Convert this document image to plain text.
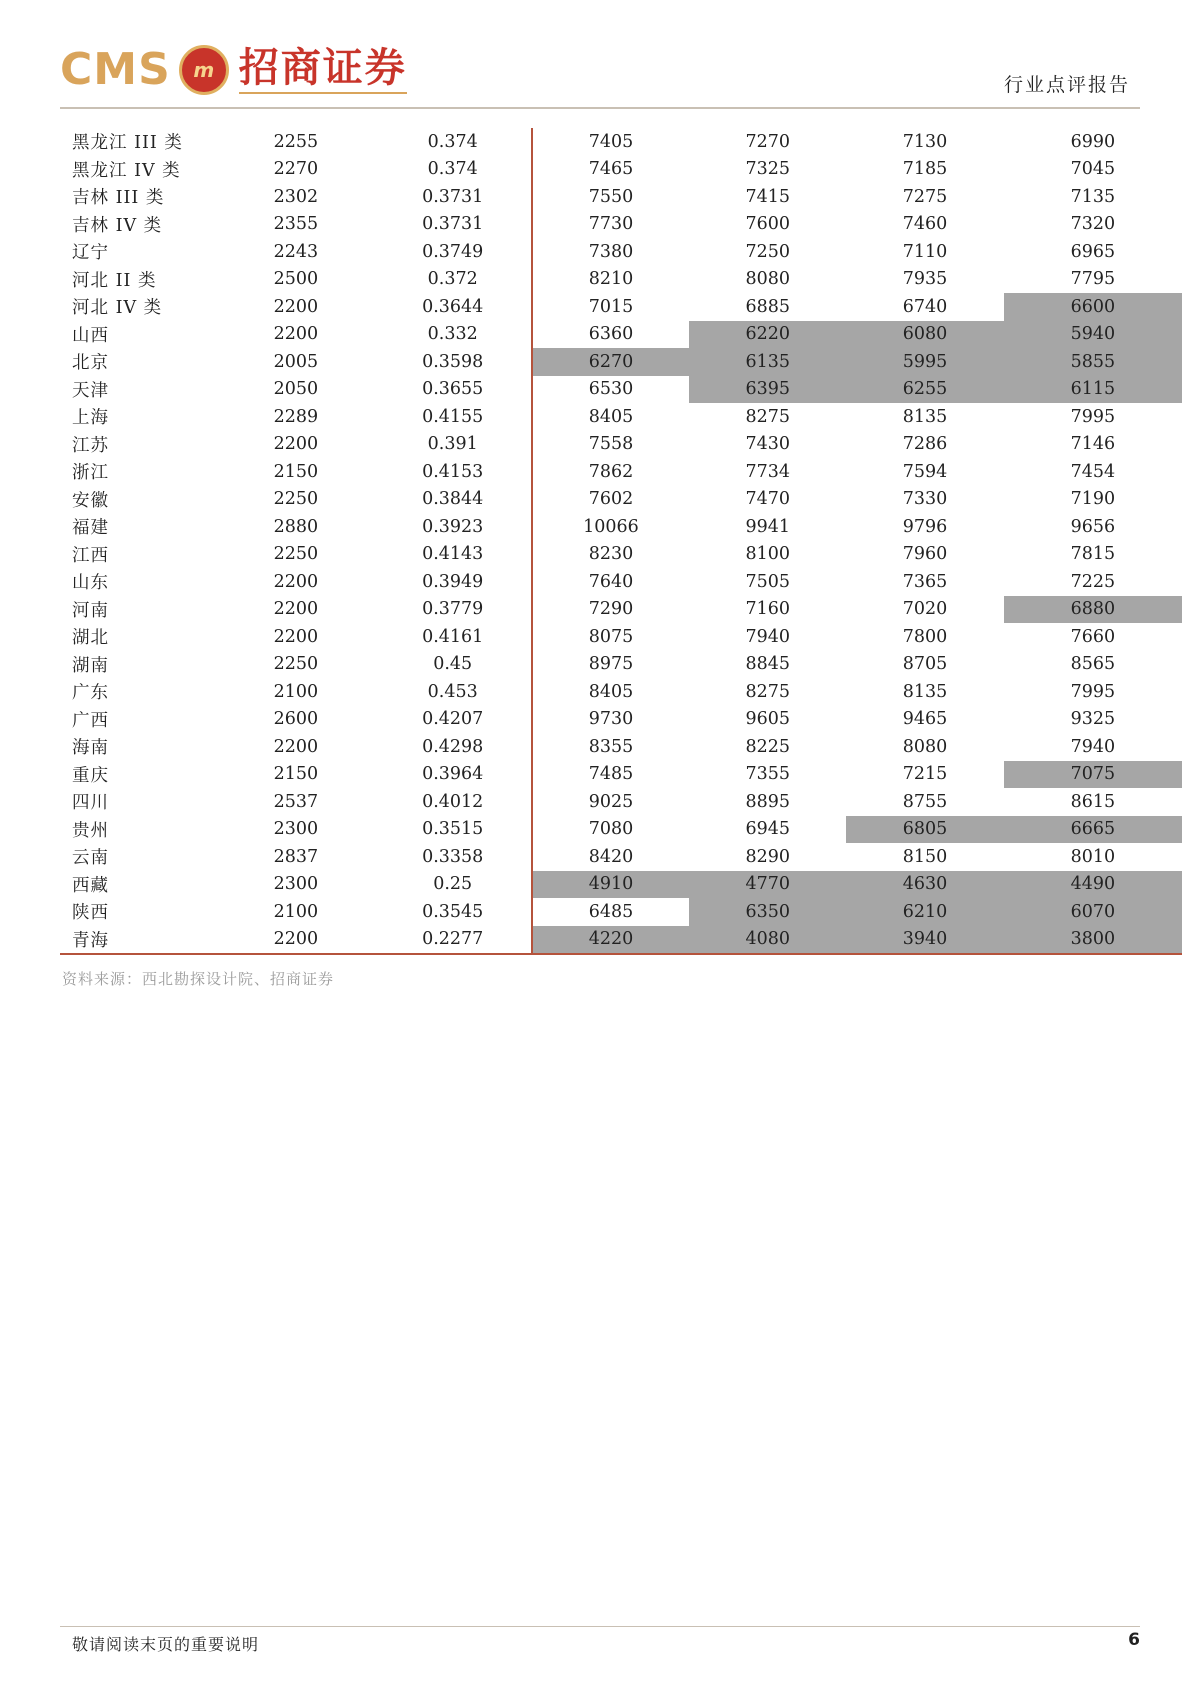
CMS	m 招商证券	行业点评报告
黑龙江 III 类	2255	0.374	7405	7270	7130	6990
黑龙江 IV 类	2270	0.374	7465	7325	7185	7045
吉林 III 类	2302	0.3731	7550	7415	7275	7135
吉林 IV 类	2355	0.3731	7730	7600	7460	7320
辽宁	2243	0.3749	7380	7250	7110	6965
河北 II 类	2500	0.372	8210	8080	7935	7795
河北 IV 类	2200	0.3644	7015	6885	6740	6600
山西	2200	0.332	6360	6220	6080	5940
北京	2005	0.3598	6270	6135	5995	5855
天津	2050	0.3655	6530	6395	6255	6115
上海	2289	0.4155	8405	8275	8135	7995
江苏	2200	0.391	7558	7430	7286	7146
浙江	2150	0.4153	7862	7734	7594	7454
安徽	2250	0.3844	7602	7470	7330	7190
福建	2880	0.3923	10066	9941	9796	9656
江西	2250	0.4143	8230	8100	7960	7815
山东	2200	0.3949	7640	7505	7365	7225
河南	2200	0.3779	7290	7160	7020	6880
湖北	2200	0.4161	8075	7940	7800	7660
湖南	2250	0.45	8975	8845	8705	8565
广东	2100	0.453	8405	8275	8135	7995
广西	2600	0.4207	9730	9605	9465	9325
海南	2200	0.4298	8355	8225	8080	7940
重庆	2150	0.3964	7485	7355	7215	7075
四川	2537	0.4012	9025	8895	8755	8615
贵州	2300	0.3515	7080	6945	6805	6665
云南	2837	0.3358	8420	8290	8150	8010
西藏	2300	0.25	4910	4770	4630	4490
陕西	2100	0.3545	6485	6350	6210	6070
青海	2200	0.2277	4220	4080	3940	3800
资料来源：西北勘探设计院、招商证券
敬请阅读末页的重要说明	6
